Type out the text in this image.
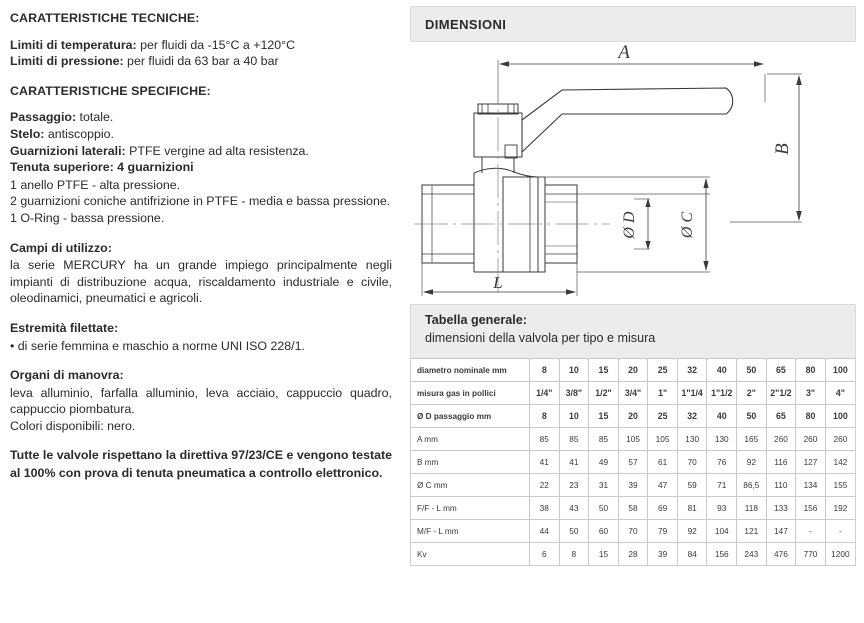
CARATTERISTICHE TECNICHE:

Limiti di temperatura: per fluidi da -15°C a +120°C

Limiti di pressione: per fluidi da 63 bar a 40 bar

CARATTERISTICHE SPECIFICHE:

Passaggio: totale.

Stelo: antiscoppio.

Guarnizioni laterali: PTFE vergine ad alta resistenza.

Tenuta superiore: 4 guarnizioni

1 anello PTFE - alta pressione.

2 guarnizioni coniche antifrizione in PTFE - media e bassa pressione.

1 O-Ring - bassa pressione.

Campi di utilizzo:

la serie MERCURY ha un grande impiego principalmente negli impianti di distribuzione acqua, riscaldamento industriale e civile, oleodinamici, pneumatici e agricoli.

Estremità filettate:

• di serie femmina e maschio a norme UNI ISO 228/1.

Organi di manovra:

leva alluminio, farfalla alluminio, leva acciaio, cappuccio quadro, cappuccio piombatura.

Colori disponibili: nero.

Tutte le valvole rispettano la direttiva 97/23/CE e vengono testate al 100% con prova di tenuta pneumatica a controllo elettronico.

DIMENSIONI
A
B
Ø D	Ø C
L

Tabella generale:

dimensioni della valvola per tipo e misura

diametro nominale mm	8	10	15	20	25	32	40	50	65	80	100
misura gas in pollici	1/4"	3/8"	1/2"	3/4"	1"	1"1/4	1"1/2	2"	2"1/2	3"	4"
Ø D passaggio mm	8	10	15	20	25	32	40	50	65	80	100
A mm	85	85	85	105	105	130	130	165	260	260	260
B mm	41	41	49	57	61	70	76	92	116	127	142
Ø C mm	22	23	31	39	47	59	71	86,5	110	134	155
F/F - L mm	38	43	50	58	69	81	93	118	133	156	192
M/F - L mm	44	50	60	70	79	92	104	121	147	-	-
Kv	6	8	15	28	39	84	156	243	476	770	1200
